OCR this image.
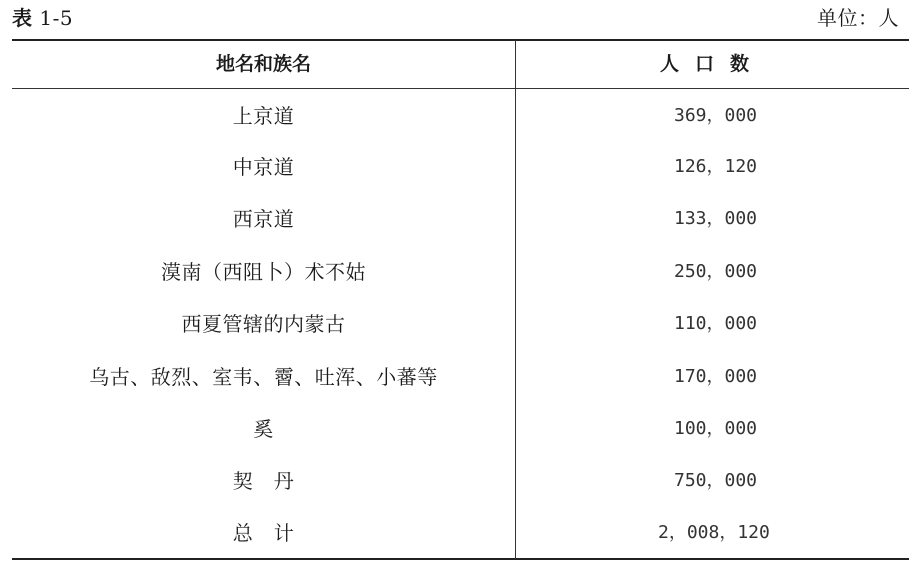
表 1-5	单位：人
地名和族名	人口数
上京道	369，000
中京道	126，120
西京道	133，000
漠南（西阻卜）术不姑	250，000
西夏管辖的内蒙古	110，000
乌古、敌烈、室韦、霫、吐浑、小蕃等	170，000
奚	100，000
契　丹	750，000
总　计	2，008，120
